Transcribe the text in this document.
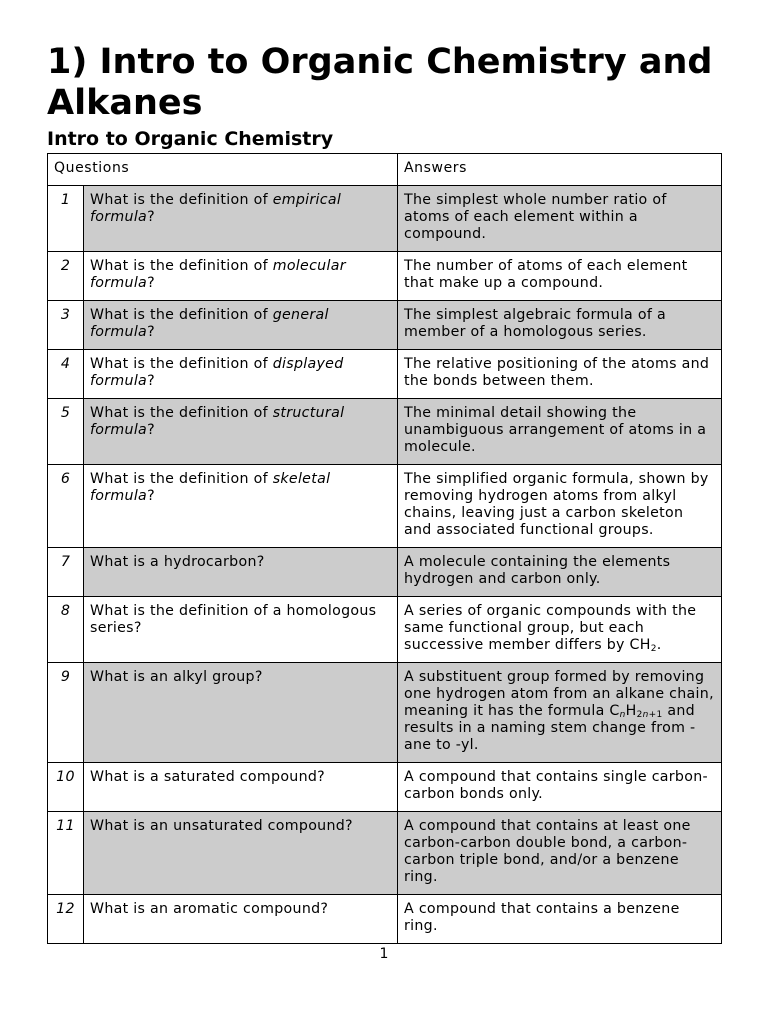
1) Intro to Organic Chemistry and Alkanes
Intro to Organic Chemistry
Questions		Answers
1	What is the definition of empirical formula?	The simplest whole number ratio of atoms of each element within a compound.
2	What is the definition of molecular formula?	The number of atoms of each element that make up a compound.
3	What is the definition of general formula?	The simplest algebraic formula of a member of a homologous series.
4	What is the definition of displayed formula?	The relative positioning of the atoms and the bonds between them.
5	What is the definition of structural formula?	The minimal detail showing the unambiguous arrangement of atoms in a molecule.
6	What is the definition of skeletal formula?	The simplified organic formula, shown by removing hydrogen atoms from alkyl chains, leaving just a carbon skeleton and associated functional groups.
7	What is a hydrocarbon?	A molecule containing the elements hydrogen and carbon only.
8	What is the definition of a homologous series?	A series of organic compounds with the same functional group, but each successive member differs by $CH_2$.
9	What is an alkyl group?	A substituent group formed by removing one hydrogen atom from an alkane chain, meaning it has the formula $C_nH_{2n+1}$ and results in a naming stem change from -ane to -yl.
10	What is a saturated compound?	A compound that contains single carbon-carbon bonds only.
11	What is an unsaturated compound?	A compound that contains at least one carbon-carbon double bond, a carbon-carbon triple bond, and/or a benzene ring.
12	What is an aromatic compound?	A compound that contains a benzene ring.
1
